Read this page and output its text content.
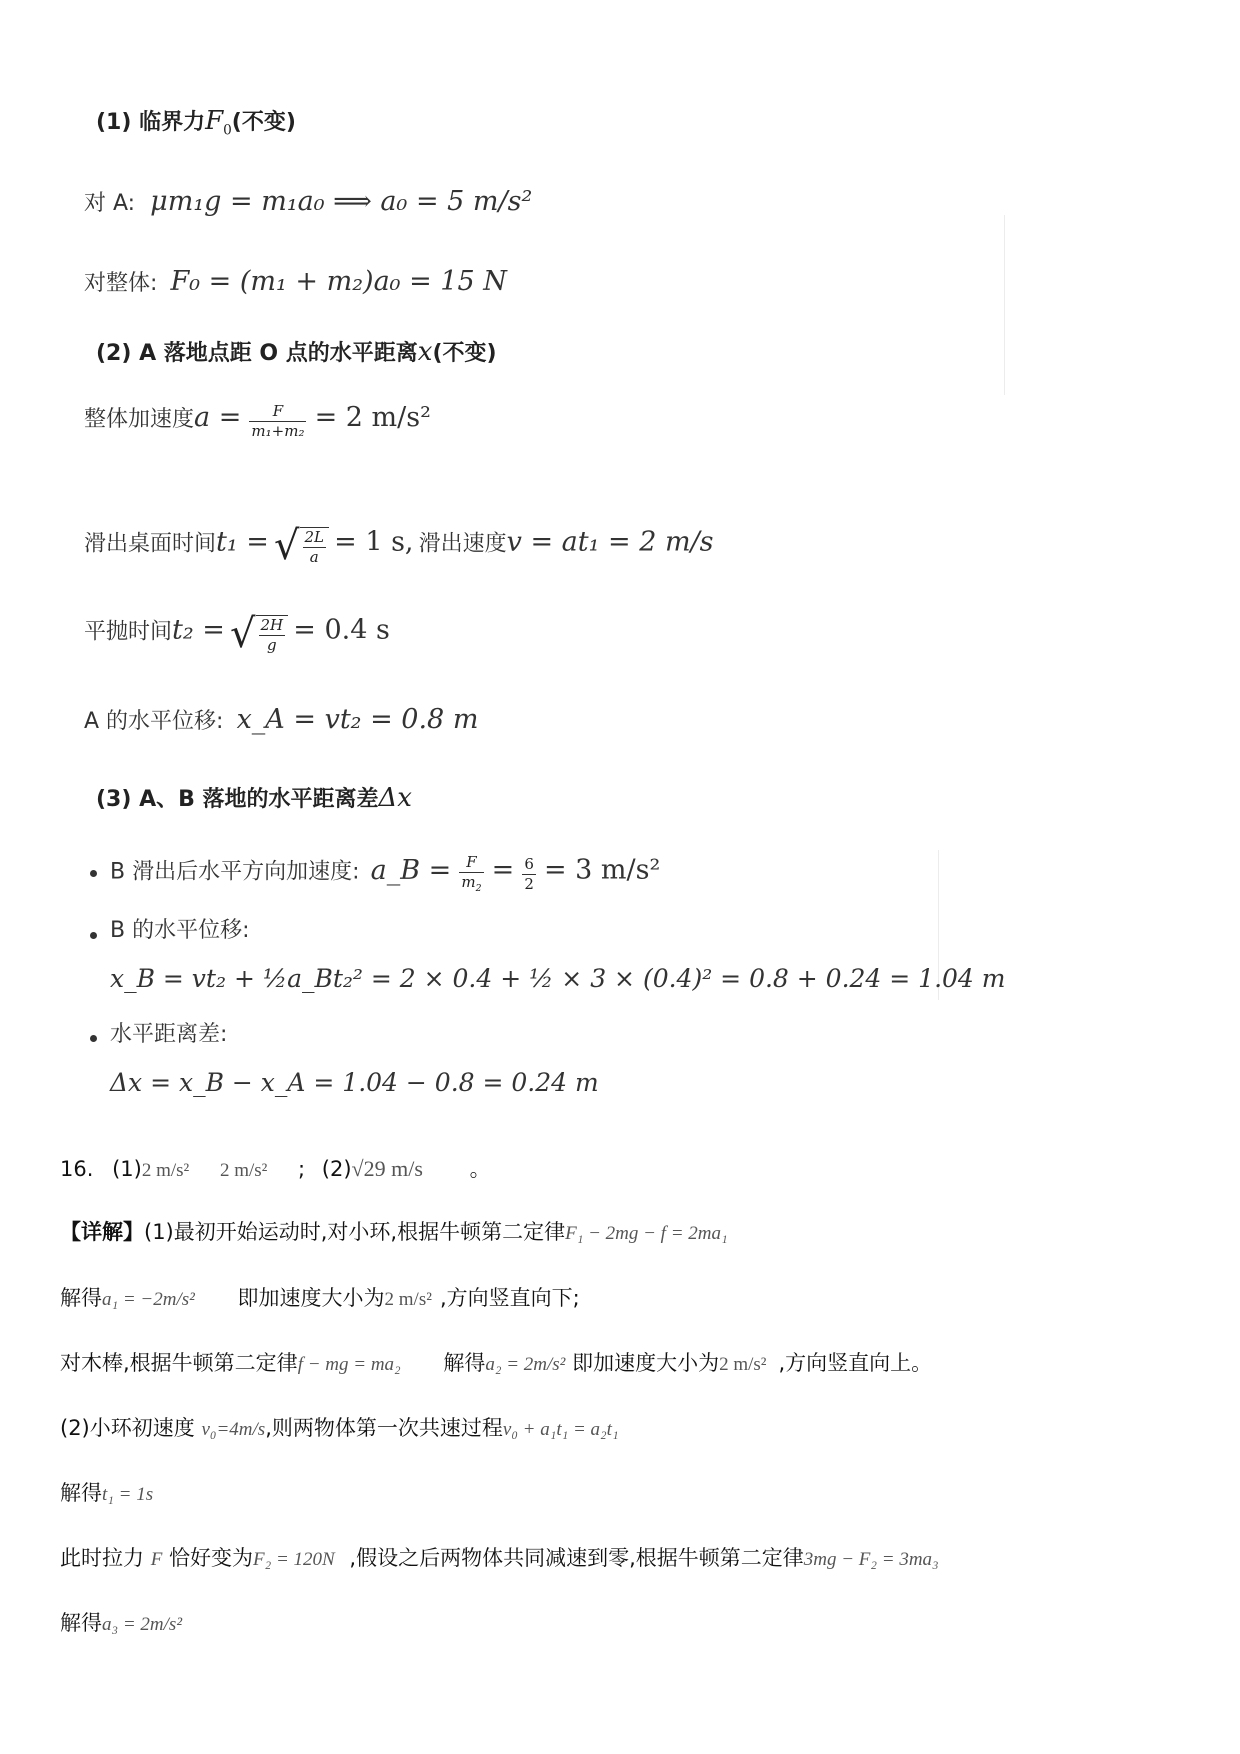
(1) 临界力$F_0$(不变)
对 A: μm₁g = m₁a₀ ⟹ a₀ = 5 m/s²
对整体: F₀ = (m₁ + m₂)a₀ = 15 N
(2) A 落地点距 O 点的水平距离x(不变)
整体加速度$a = \frac{F}{\text{m₁+m₂}} = 2$ m/s²
滑出桌面时间t₁ = √ $\frac{2L}{a} = 1$ s, 滑出速度v = at₁ = 2 m/s
平抛时间t₂ = √ $\frac{2H}{g} = 0.4$ s
A 的水平位移: x_A = vt₂ = 0.8 m
(3) A、B 落地的水平距离差Δx
B 滑出后水平方向加速度: a_B = $\frac{F}{m_2} = \frac{6}{2} = 3$ m/s²
B 的水平位移:
x_B = vt₂ + ½a_Bt₂² = 2 × 0.4 + ½ × 3 × (0.4)² = 0.8 + 0.24 = 1.04 m
水平距离差:
Δx = x_B − x_A = 1.04 − 0.8 = 0.24 m
16. (1)2 m/s² 2 m/s² ; (2)√29 m/s 。
【详解】(1)最初开始运动时,对小环,根据牛顿第二定律F₁ − 2mg − f = 2ma₁
解得a₁ = −2m/s² 即加速度大小为2 m/s² ,方向竖直向下;
对木棒,根据牛顿第二定律f − mg = ma₂ 解得a₂ = 2m/s² 即加速度大小为2 m/s² ,方向竖直向上。
(2)小环初速度 v₀=4m/s,则两物体第一次共速过程v₀ + a₁t₁ = a₂t₁
解得t₁ = 1s
此时拉力 F 恰好变为F₂ = 120N ,假设之后两物体共同减速到零,根据牛顿第二定律3mg − F₂ = 3ma₃
解得a₃ = 2m/s²
